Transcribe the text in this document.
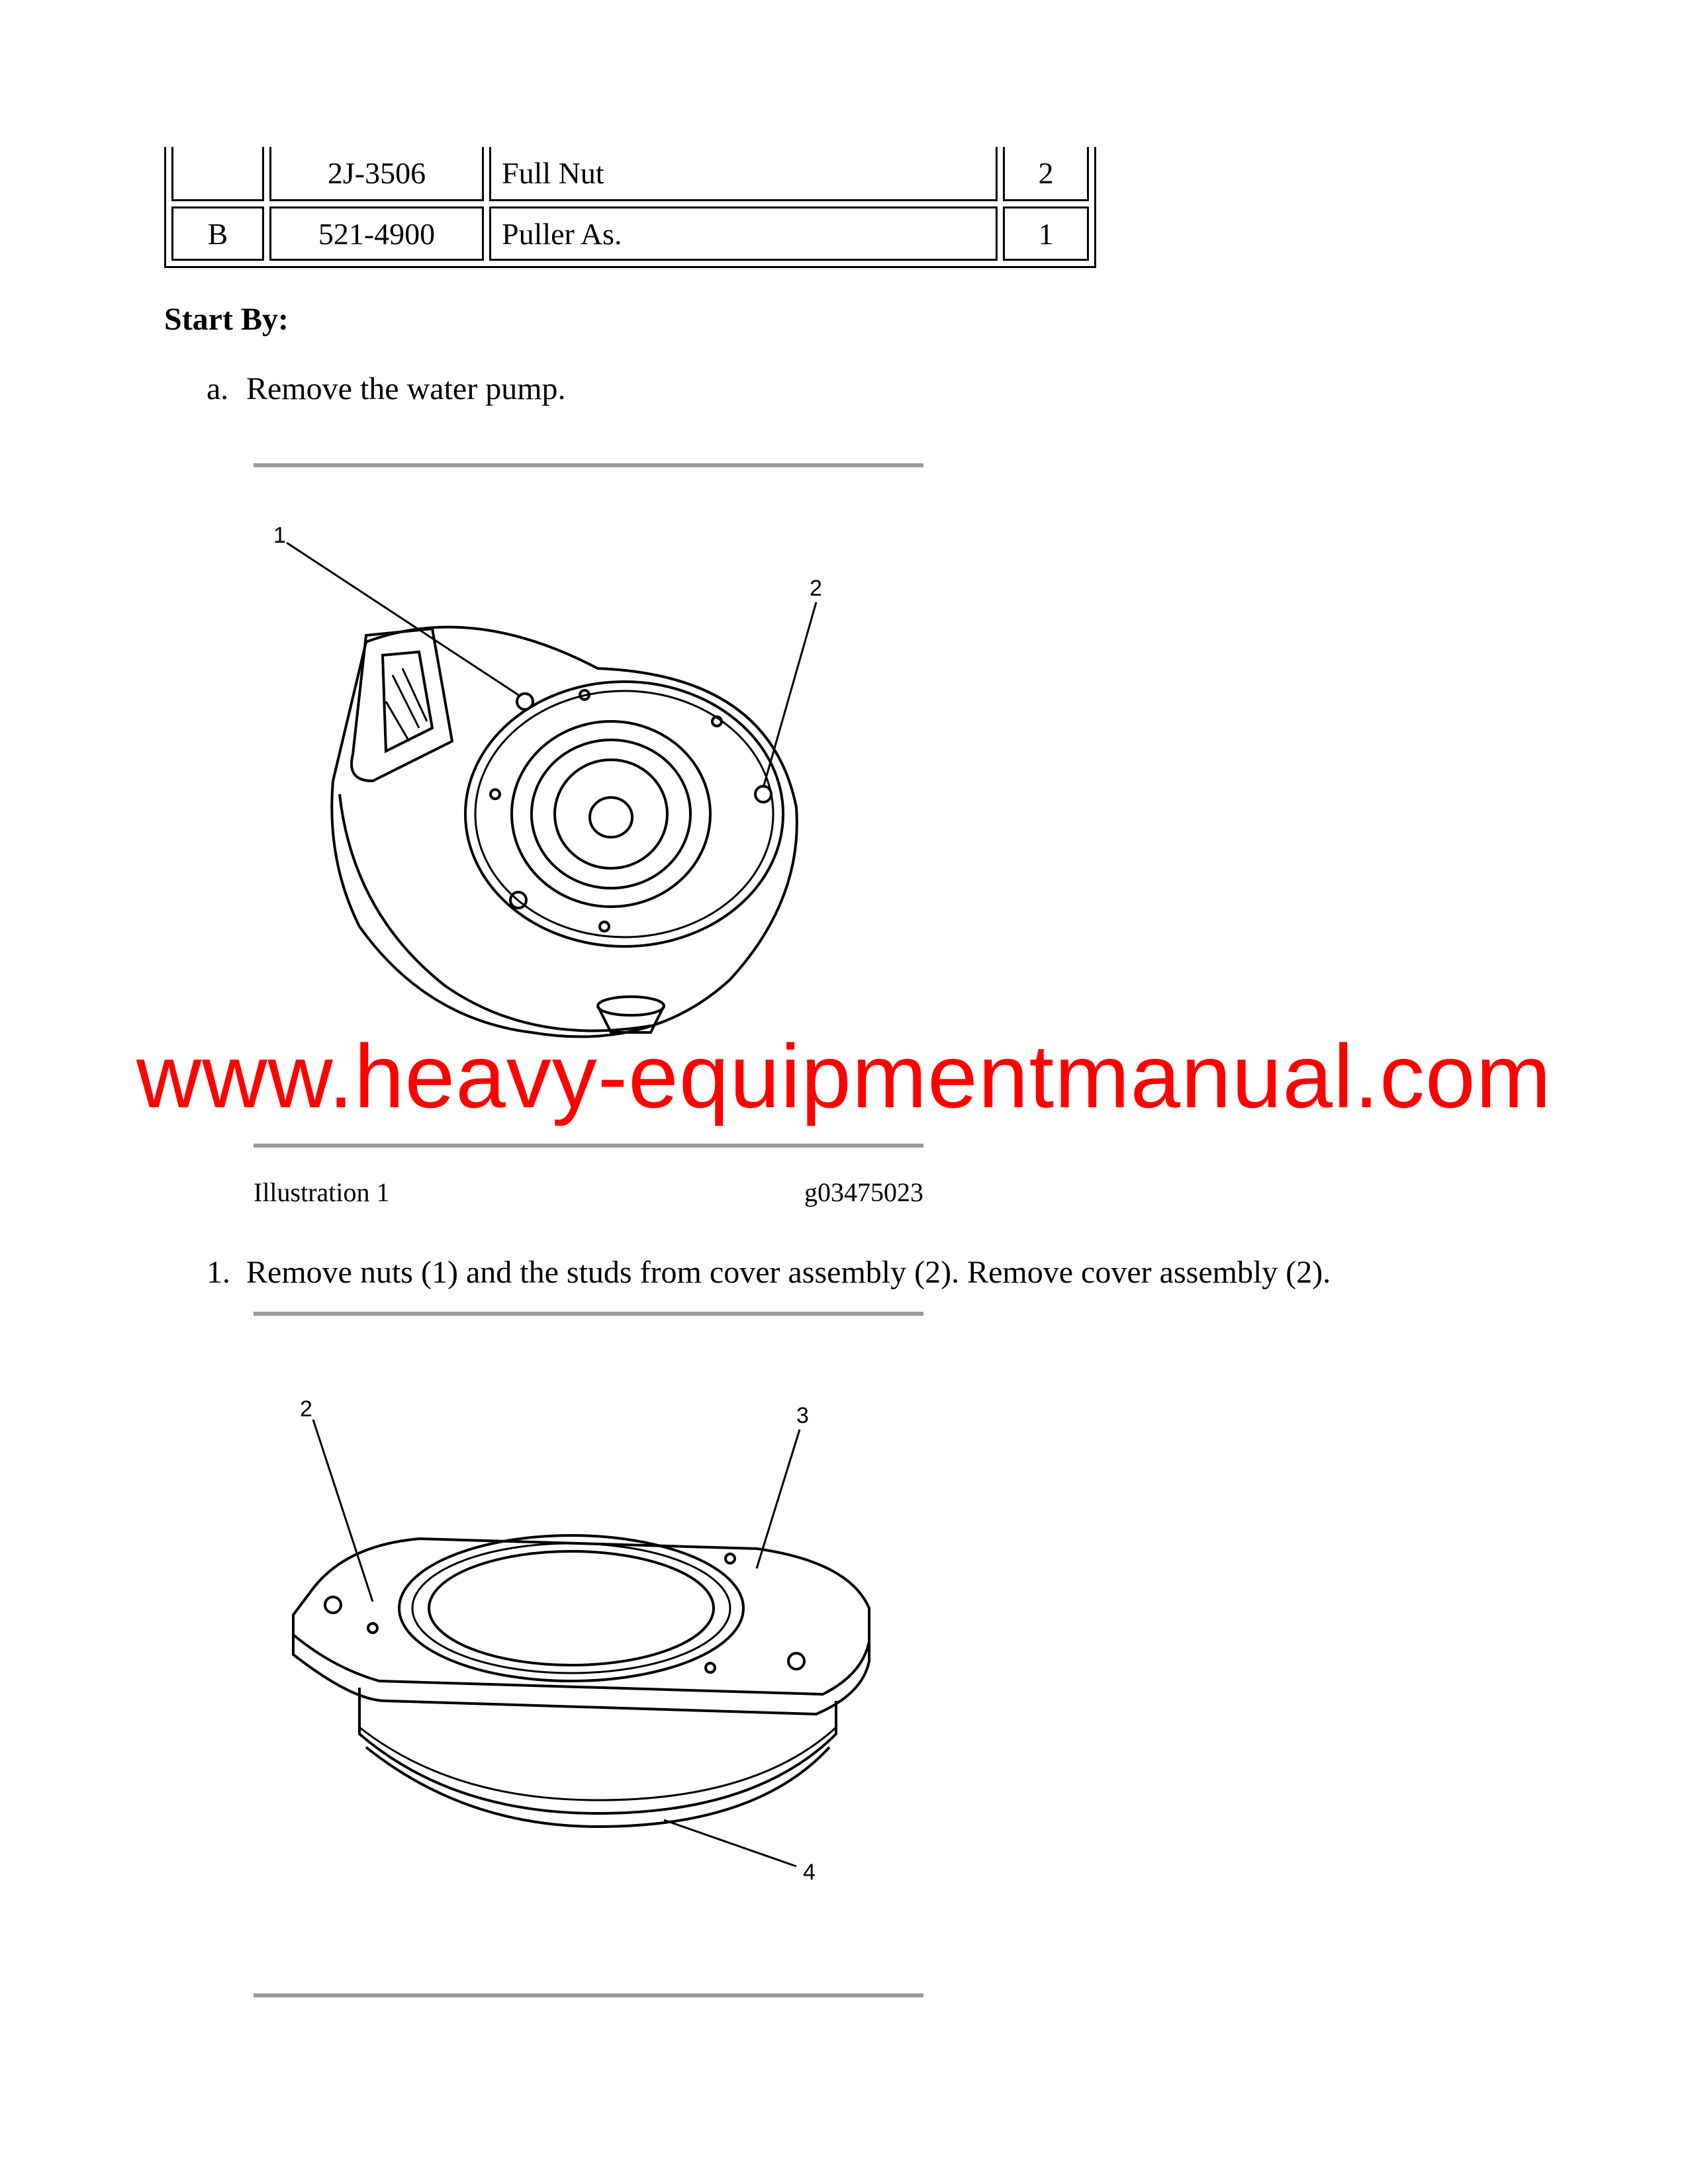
	2J-3506	Full Nut	2
B	521-4900	Puller As.	1
Start By:
a. Remove the water pump.
1
2
www.heavy-equipmentmanual.com
Illustration 1	g03475023
1. Remove nuts (1) and the studs from cover assembly (2). Remove cover assembly (2).
2	3
4
